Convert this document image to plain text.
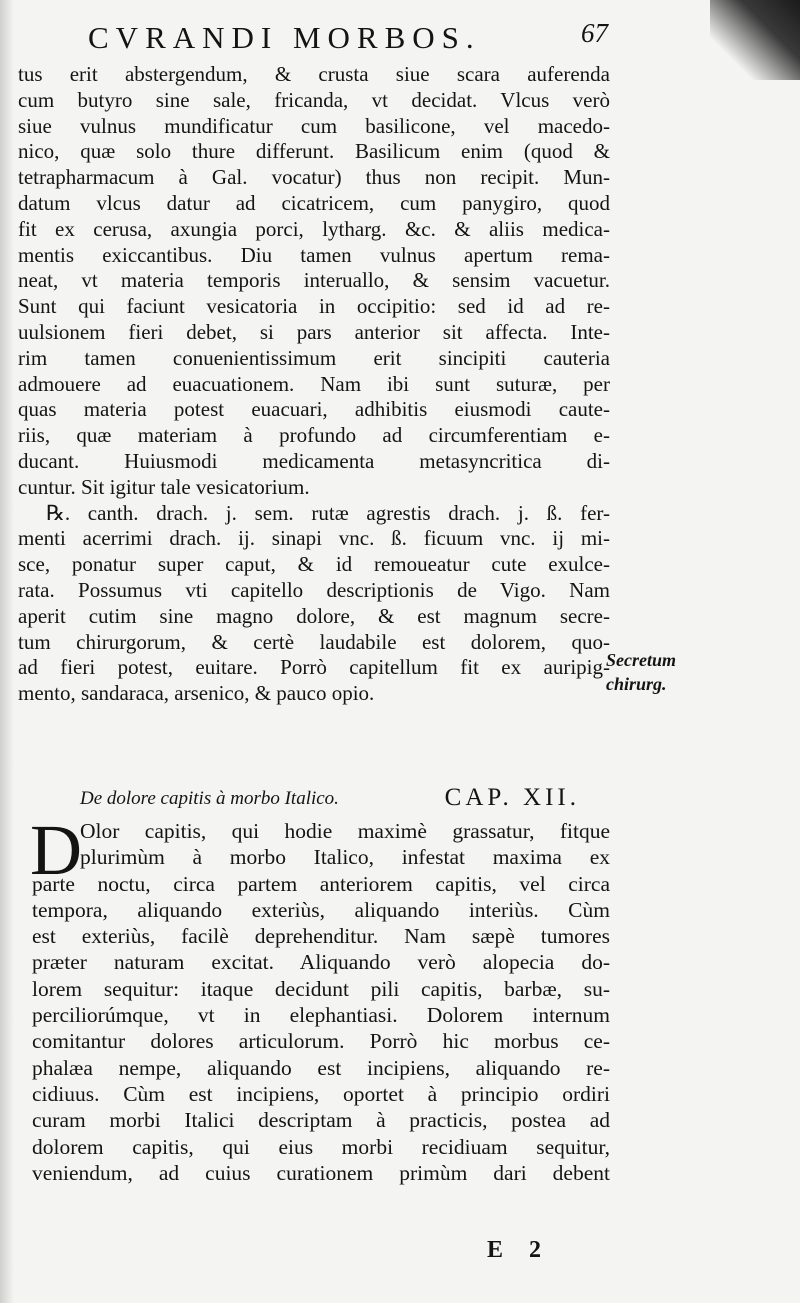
CVRANDI MORBOS.	67
tus erit abstergendum, & crusta siue scara auferenda
cum butyro sine sale, fricanda, vt decidat. Vlcus verò
siue vulnus mundificatur cum basilicone, vel macedo-
nico, quæ solo thure differunt. Basilicum enim (quod &
tetrapharmacum à Gal. vocatur) thus non recipit. Mun-
datum vlcus datur ad cicatricem, cum panygiro, quod
fit ex cerusa, axungia porci, lytharg. &c. & aliis medica-
mentis exiccantibus. Diu tamen vulnus apertum rema-
neat, vt materia temporis interuallo, & sensim vacuetur.
Sunt qui faciunt vesicatoria in occipitio: sed id ad re-
uulsionem fieri debet, si pars anterior sit affecta. Inte-
rim tamen conuenientissimum erit sincipiti cauteria
admouere ad euacuationem. Nam ibi sunt suturæ, per
quas materia potest euacuari, adhibitis eiusmodi caute-
riis, quæ materiam à profundo ad circumferentiam e-
ducant. Huiusmodi medicamenta metasyncritica di-
cuntur. Sit igitur tale vesicatorium.
℞. canth. drach. j. sem. rutæ agrestis drach. j. ß. fer-
menti acerrimi drach. ij. sinapi vnc. ß. ficuum vnc. ij mi-
sce, ponatur super caput, & id remoueatur cute exulce-
rata. Possumus vti capitello descriptionis de Vigo. Nam
aperit cutim sine magno dolore, & est magnum secre-
tum chirurgorum, & certè laudabile est dolorem, quo-
ad fieri potest, euitare. Porrò capitellum fit ex auripig-
mento, sandaraca, arsenico, & pauco opio.
Secretum
chirurg.
De dolore capitis à morbo Italico.	CAP. XII.
D
Olor capitis, qui hodie maximè grassatur, fitque
plurimùm à morbo Italico, infestat maxima ex
parte noctu, circa partem anteriorem capitis, vel circa
tempora, aliquando exteriùs, aliquando interiùs. Cùm
est exteriùs, facilè deprehenditur. Nam sæpè tumores
præter naturam excitat. Aliquando verò alopecia do-
lorem sequitur: itaque decidunt pili capitis, barbæ, su-
perciliorúmque, vt in elephantiasi. Dolorem internum
comitantur dolores articulorum. Porrò hic morbus ce-
phalæa nempe, aliquando est incipiens, aliquando re-
cidiuus. Cùm est incipiens, oportet à principio ordiri
curam morbi Italici descriptam à practicis, postea ad
dolorem capitis, qui eius morbi recidiuam sequitur,
veniendum, ad cuius curationem primùm dari debent
E 2
